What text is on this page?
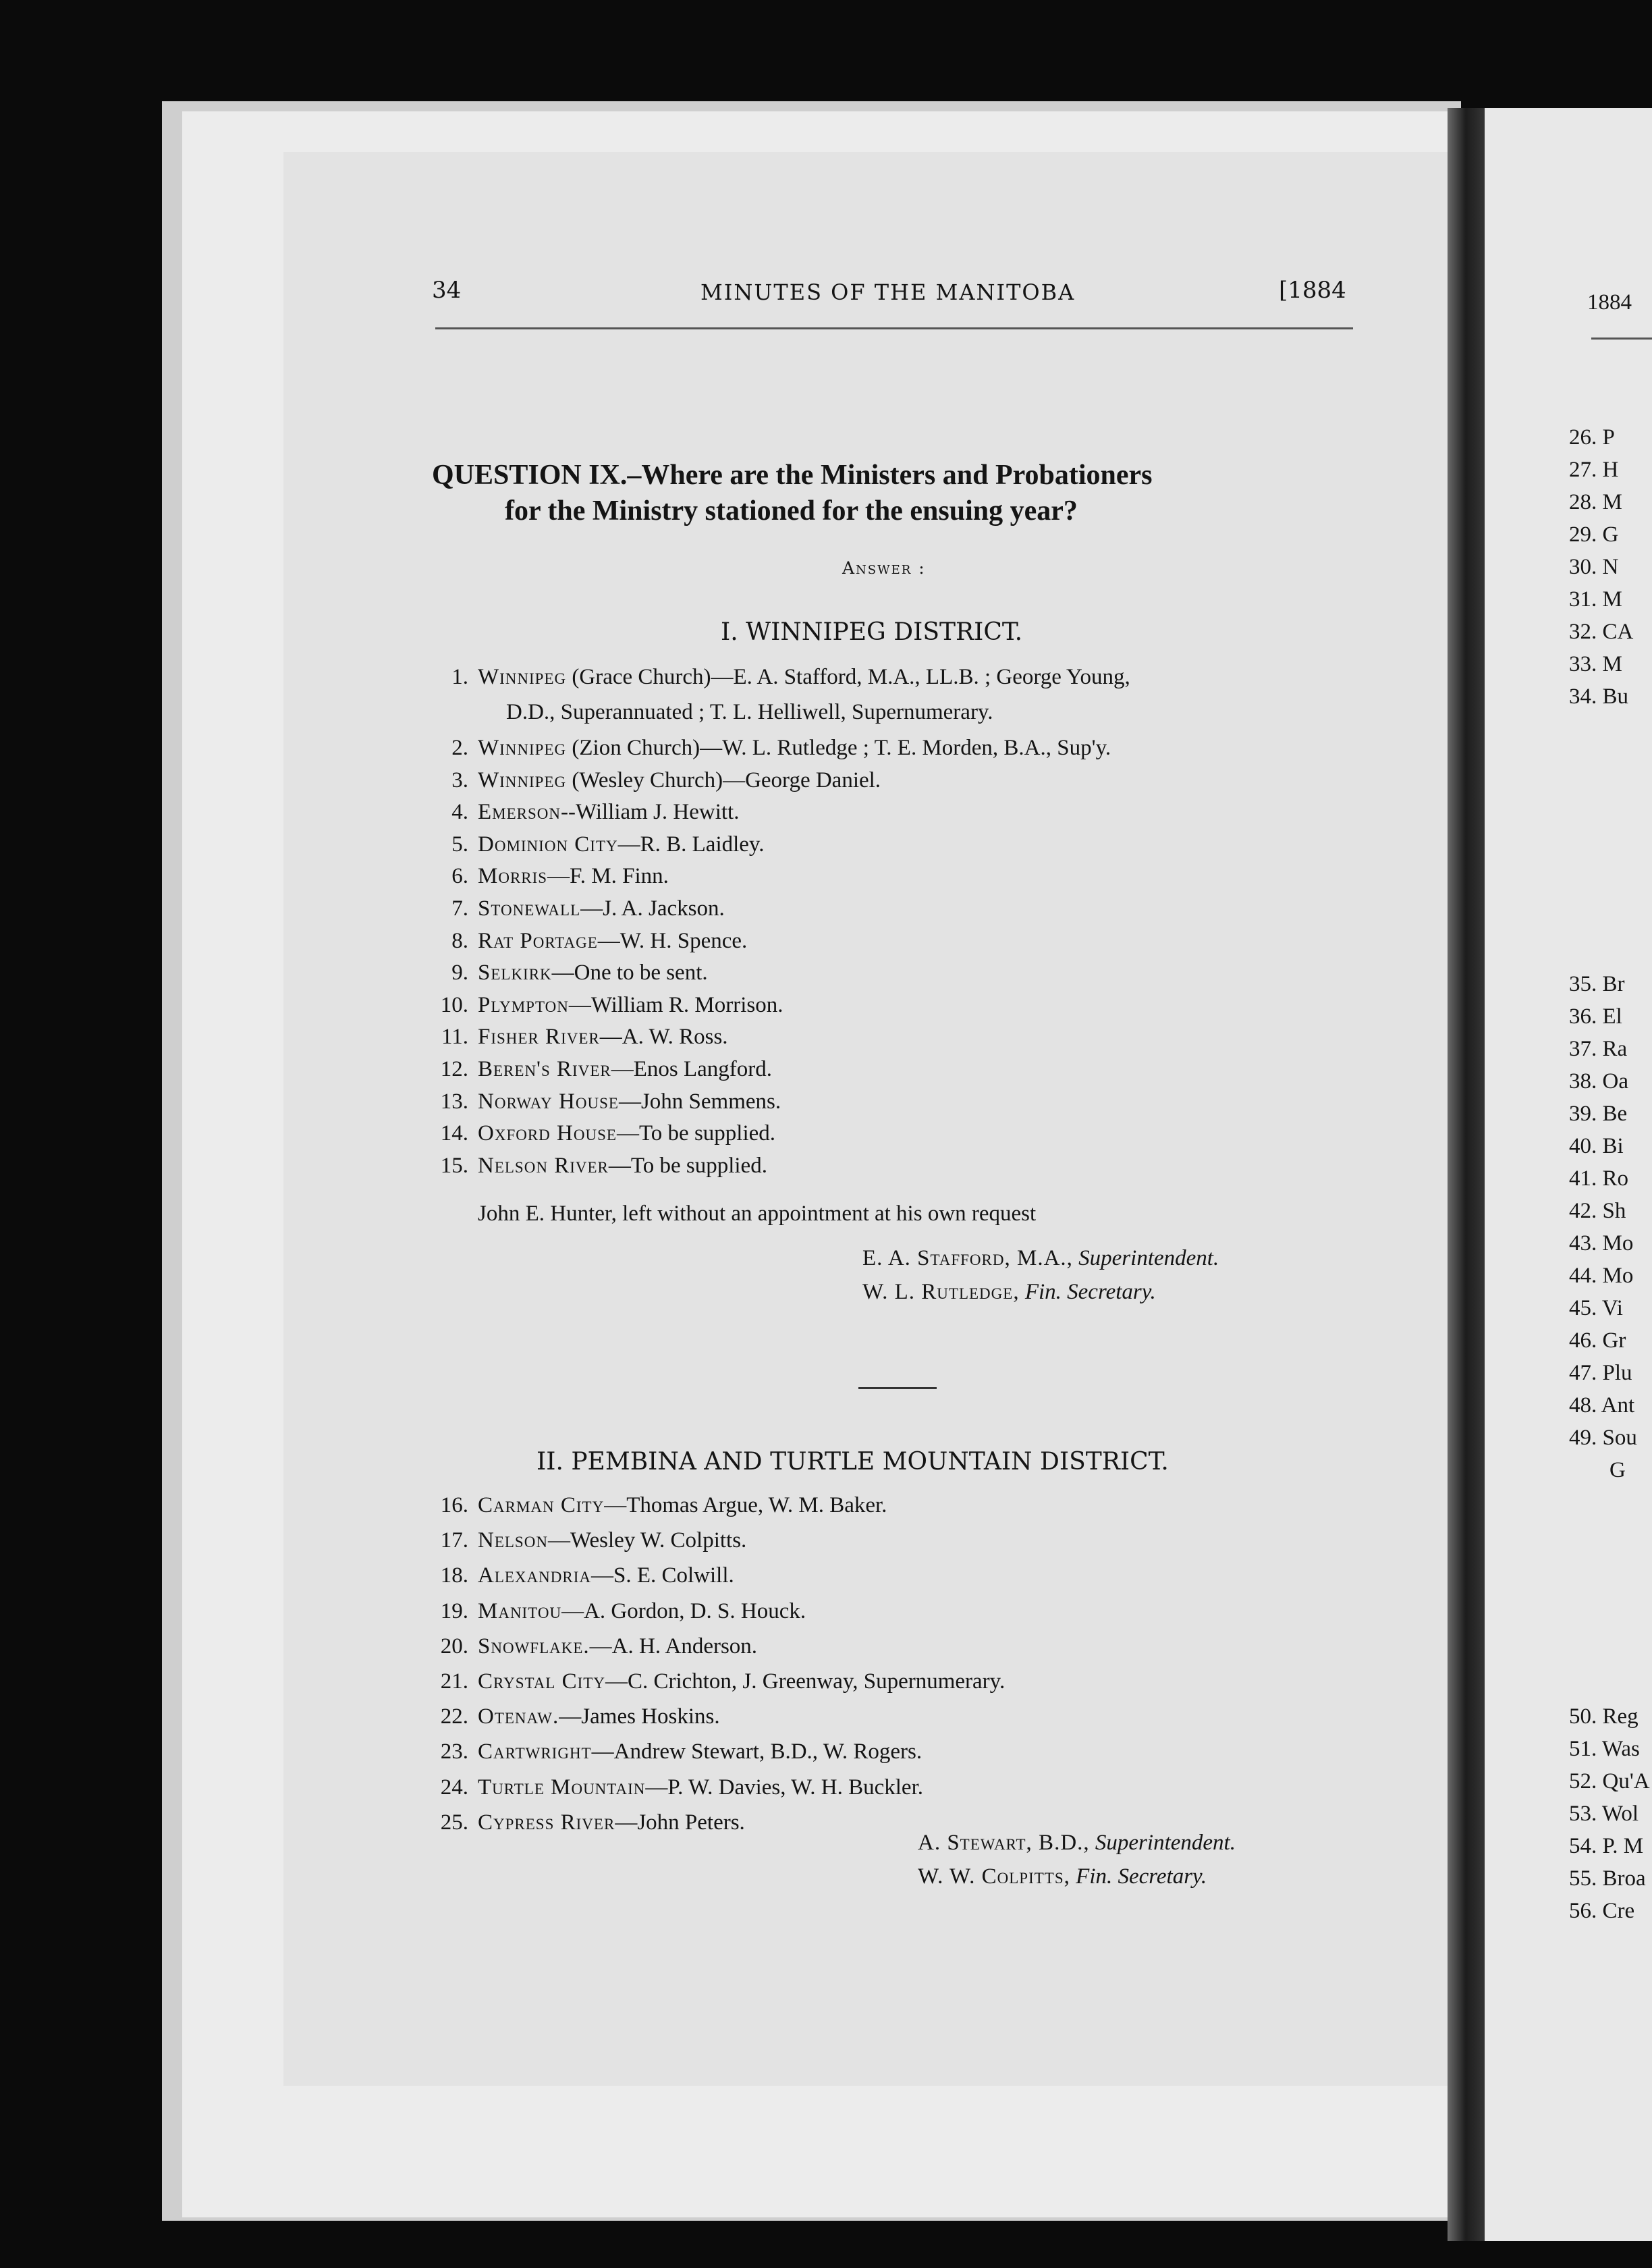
34	MINUTES OF THE MANITOBA	[1884
QUESTION IX.–Where are the Ministers and Probationers
for the Ministry stationed for the ensuing year?
Answer :
I. WINNIPEG DISTRICT.
1. Winnipeg (Grace Church)—E. A. Stafford, M.A., LL.B. ; George Young,
2. Winnipeg (Zion Church)—W. L. Rutledge ; T. E. Morden, B.A., Sup'y.
3. Winnipeg (Wesley Church)—George Daniel.
4. Emerson--William J. Hewitt.
5. Dominion City—R. B. Laidley.
6. Morris—F. M. Finn.
7. Stonewall—J. A. Jackson.
8. Rat Portage—W. H. Spence.
9. Selkirk—One to be sent.
10. Plympton—William R. Morrison.
11. Fisher River—A. W. Ross.
12. Beren's River—Enos Langford.
13. Norway House—John Semmens.
14. Oxford House—To be supplied.
15. Nelson River—To be supplied.
D.D., Superannuated ; T. L. Helliwell, Supernumerary.
John E. Hunter, left without an appointment at his own request
E. A. Stafford, M.A., Superintendent.
W. L. Rutledge, Fin. Secretary.
II. PEMBINA AND TURTLE MOUNTAIN DISTRICT.
16. Carman City—Thomas Argue, W. M. Baker.
17. Nelson—Wesley W. Colpitts.
18. Alexandria—S. E. Colwill.
19. Manitou—A. Gordon, D. S. Houck.
20. Snowflake.—A. H. Anderson.
21. Crystal City—C. Crichton, J. Greenway, Supernumerary.
22. Otenaw.—James Hoskins.
23. Cartwright—Andrew Stewart, B.D., W. Rogers.
24. Turtle Mountain—P. W. Davies, W. H. Buckler.
25. Cypress River—John Peters.
A. Stewart, B.D., Superintendent.
W. W. Colpitts, Fin. Secretary.
1884
26. P
27. H
28. M
29. G
30. N
31. M
32. CA
33. M
34. Bu
35. Br
36. El
37. Ra
38. Oa
39. Be
40. Bi
41. Ro
42. Sh
43. Mo
44. Mo
45. Vi
46. Gr
47. Plu
48. Ant
49. Sou
G
50. Reg
51. Was
52. Qu'A
53. Wol
54. P. M
55. Broa
56. Cre
